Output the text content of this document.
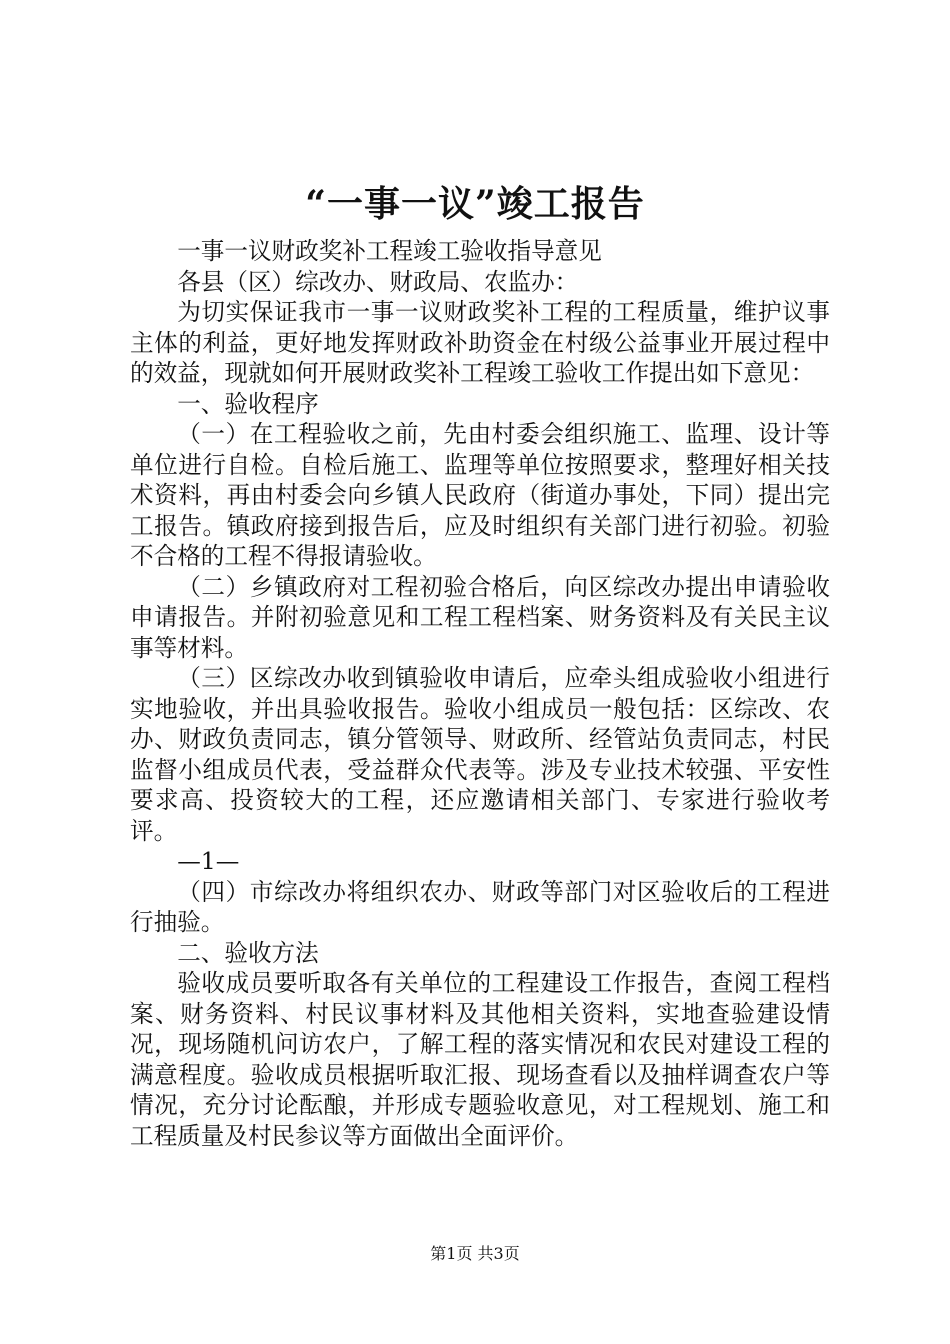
“一事一议”竣工报告

一事一议财政奖补工程竣工验收指导意见

各县（区）综改办、财政局、农监办：

为切实保证我市一事一议财政奖补工程的工程质量，维护议事主体的利益，更好地发挥财政补助资金在村级公益事业开展过程中的效益，现就如何开展财政奖补工程竣工验收工作提出如下意见：

一、验收程序

（一）在工程验收之前，先由村委会组织施工、监理、设计等单位进行自检。自检后施工、监理等单位按照要求，整理好相关技术资料，再由村委会向乡镇人民政府（街道办事处，下同）提出完工报告。镇政府接到报告后，应及时组织有关部门进行初验。初验不合格的工程不得报请验收。

（二）乡镇政府对工程初验合格后，向区综改办提出申请验收申请报告。并附初验意见和工程工程档案、财务资料及有关民主议事等材料。

（三）区综改办收到镇验收申请后，应牵头组成验收小组进行实地验收，并出具验收报告。验收小组成员一般包括：区综改、农办、财政负责同志，镇分管领导、财政所、经管站负责同志，村民监督小组成员代表，受益群众代表等。涉及专业技术较强、平安性要求高、投资较大的工程，还应邀请相关部门、专家进行验收考评。

—1—

（四）市综改办将组织农办、财政等部门对区验收后的工程进行抽验。

二、验收方法

验收成员要听取各有关单位的工程建设工作报告，查阅工程档案、财务资料、村民议事材料及其他相关资料，实地查验建设情况，现场随机问访农户，了解工程的落实情况和农民对建设工程的满意程度。验收成员根据听取汇报、现场查看以及抽样调查农户等情况，充分讨论酝酿，并形成专题验收意见，对工程规划、施工和工程质量及村民参议等方面做出全面评价。

第1页 共3页
